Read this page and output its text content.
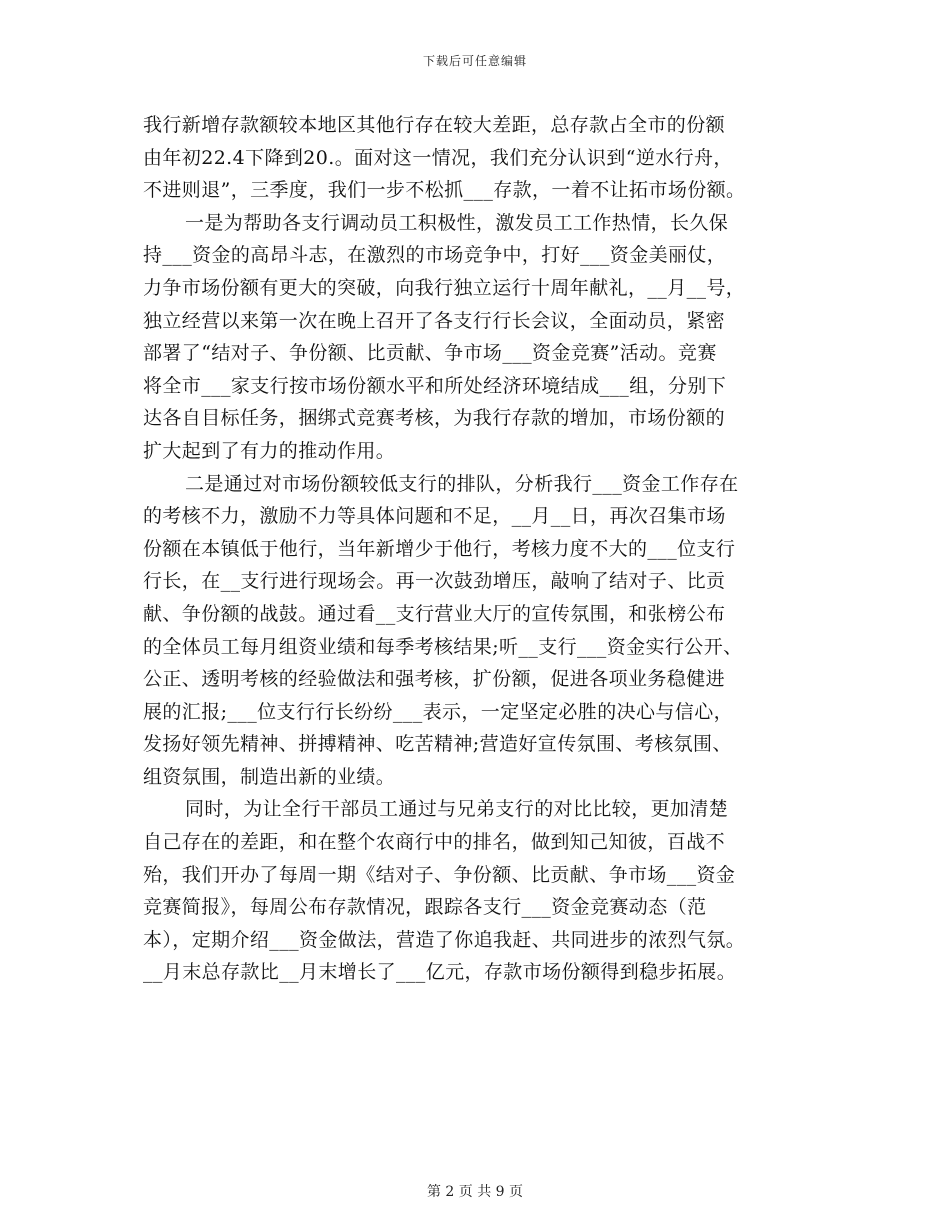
下载后可任意编辑
我行新增存款额较本地区其他行存在较大差距，总存款占全市的份额
由年初22.4下降到20.。面对这一情况，我们充分认识到“逆水行舟，
不进则退”，三季度，我们一步不松抓___存款，一着不让拓市场份额。
一是为帮助各支行调动员工积极性，激发员工工作热情，长久保
持___资金的高昂斗志，在激烈的市场竞争中，打好___资金美丽仗，
力争市场份额有更大的突破，向我行独立运行十周年献礼，__月__号，
独立经营以来第一次在晚上召开了各支行行长会议，全面动员，紧密
部署了“结对子、争份额、比贡献、争市场___资金竞赛”活动。竞赛
将全市___家支行按市场份额水平和所处经济环境结成___组，分别下
达各自目标任务，捆绑式竞赛考核，为我行存款的增加，市场份额的
扩大起到了有力的推动作用。
二是通过对市场份额较低支行的排队，分析我行___资金工作存在
的考核不力，激励不力等具体问题和不足，__月__日，再次召集市场
份额在本镇低于他行，当年新增少于他行，考核力度不大的___位支行
行长，在__支行进行现场会。再一次鼓劲增压，敲响了结对子、比贡
献、争份额的战鼓。通过看__支行营业大厅的宣传氛围，和张榜公布
的全体员工每月组资业绩和每季考核结果;听__支行___资金实行公开、
公正、透明考核的经验做法和强考核，扩份额，促进各项业务稳健进
展的汇报;___位支行行长纷纷___表示，一定坚定必胜的决心与信心，
发扬好领先精神、拼搏精神、吃苦精神;营造好宣传氛围、考核氛围、
组资氛围，制造出新的业绩。
同时，为让全行干部员工通过与兄弟支行的对比比较，更加清楚
自己存在的差距，和在整个农商行中的排名，做到知己知彼，百战不
殆，我们开办了每周一期《结对子、争份额、比贡献、争市场___资金
竞赛简报》，每周公布存款情况，跟踪各支行___资金竞赛动态（范
本），定期介绍___资金做法，营造了你追我赶、共同进步的浓烈气氛。
__月末总存款比__月末增长了___亿元，存款市场份额得到稳步拓展。
第 2 页 共 9 页
